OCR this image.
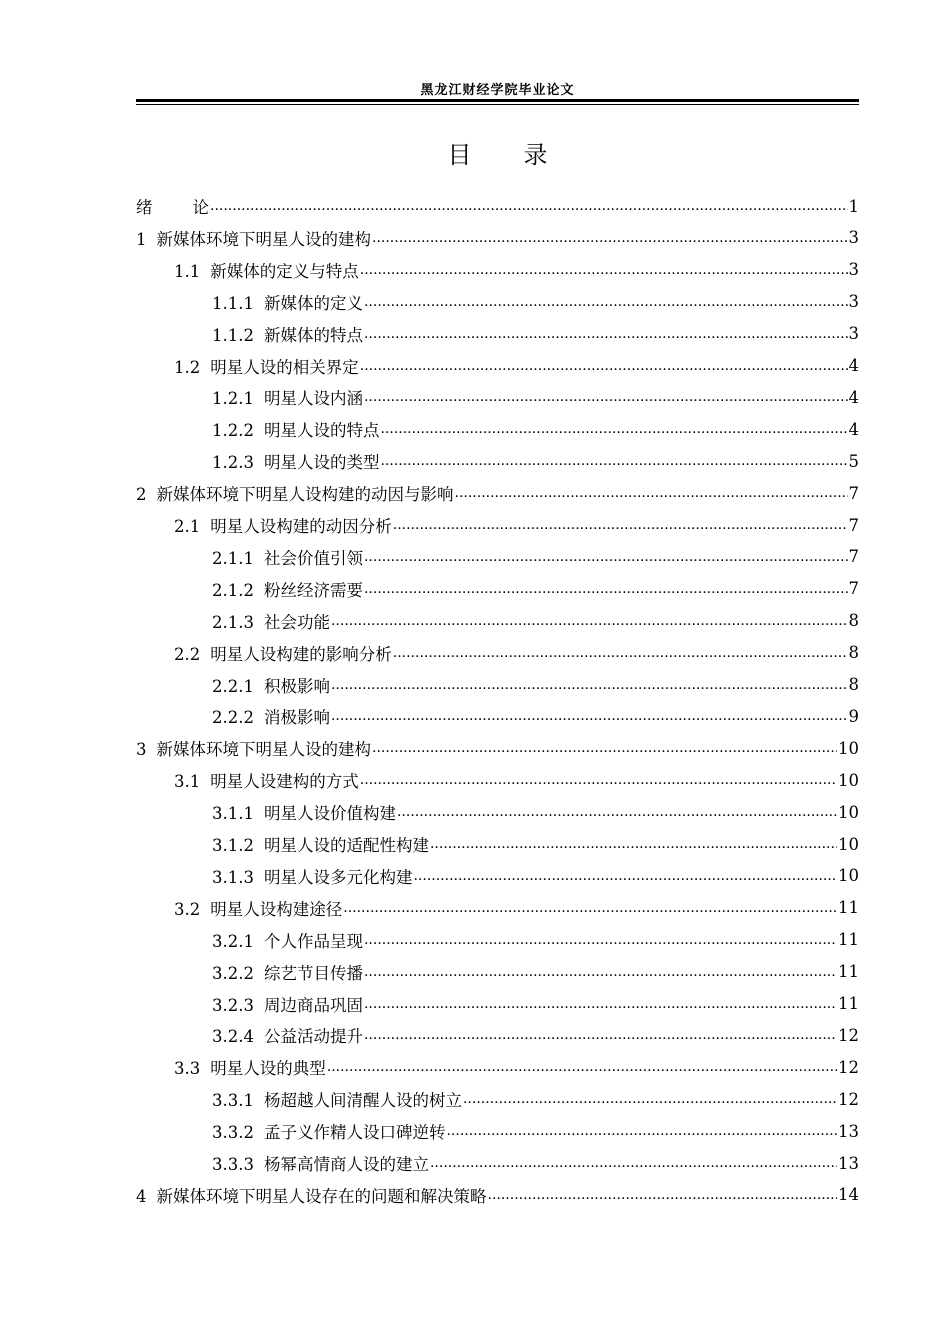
黑龙江财经学院毕业论文
目 录
绪 论 .....	1
1 新媒体环境下明星人设的建构 .....	3
1.1 新媒体的定义与特点 .....	3
1.1.1 新媒体的定义 .....	3
1.1.2 新媒体的特点 .....	3
1.2 明星人设的相关界定 .....	4
1.2.1 明星人设内涵 .....	4
1.2.2 明星人设的特点 .....	4
1.2.3 明星人设的类型 .....	5
2 新媒体环境下明星人设构建的动因与影响 .....	7
2.1 明星人设构建的动因分析 .....	7
2.1.1 社会价值引领 .....	7
2.1.2 粉丝经济需要 .....	7
2.1.3 社会功能 .....	8
2.2 明星人设构建的影响分析 .....	8
2.2.1 积极影响 .....	8
2.2.2 消极影响 .....	9
3 新媒体环境下明星人设的建构 .....	10
3.1 明星人设建构的方式 .....	10
3.1.1 明星人设价值构建 .....	10
3.1.2 明星人设的适配性构建 .....	10
3.1.3 明星人设多元化构建 .....	10
3.2 明星人设构建途径 .....	11
3.2.1 个人作品呈现 .....	11
3.2.2 综艺节目传播 .....	11
3.2.3 周边商品巩固 .....	11
3.2.4 公益活动提升 .....	12
3.3 明星人设的典型 .....	12
3.3.1 杨超越人间清醒人设的树立 .....	12
3.3.2 孟子义作精人设口碑逆转 .....	13
3.3.3 杨幂高情商人设的建立 .....	13
4 新媒体环境下明星人设存在的问题和解决策略 .....	14
